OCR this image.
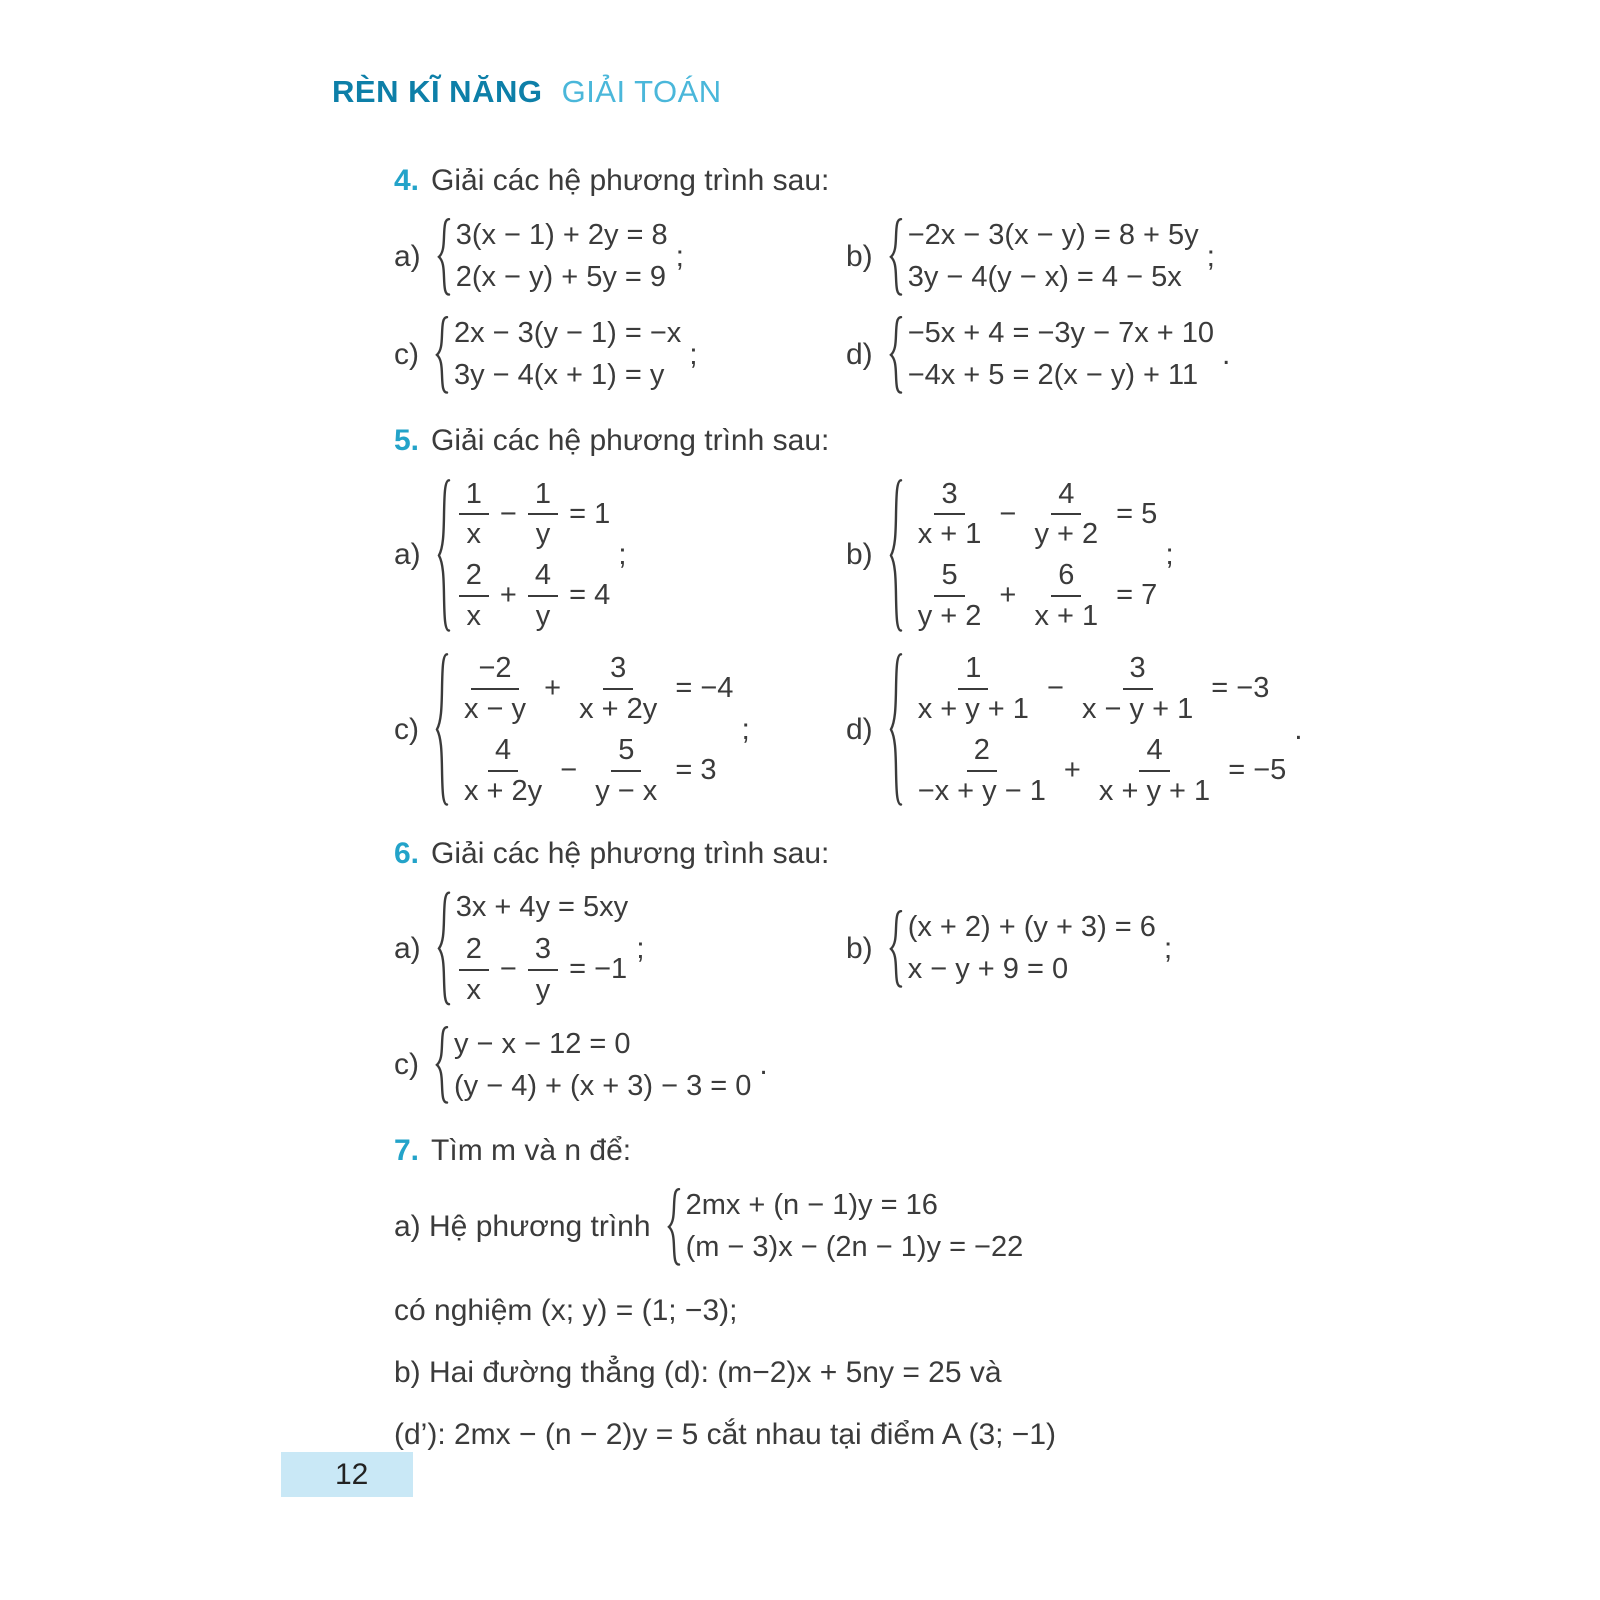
RÈN KĨ NĂNG GIẢI TOÁN
4. Giải các hệ phương trình sau:
a)
3(x − 1) + 2y = 8
2(x − y) + 5y = 9
;	b)
−2x − 3(x − y) = 8 + 5y
3y − 4(y − x) = 4 − 5x
;
c)
2x − 3(y − 1) = −x
3y − 4(x + 1) = y
;	d)
−5x + 4 = −3y − 7x + 10
−4x + 5 = 2(x − y) + 11
.
5. Giải các hệ phương trình sau:
a)
$\frac{1}{x} - \frac{1}{y} = 1$
$\frac{2}{x} + \frac{4}{y} = 4$
;	b)
$\frac{3}{x + 1} - \frac{4}{y + 2} = 5$
$\frac{5}{y + 2} + \frac{6}{x + 1} = 7$
;
c)
$\frac{-2}{x - y} + \frac{3}{x + 2y} = -4$
$\frac{4}{x + 2y} - \frac{5}{y - x} = 3$
;	d)
$\frac{1}{x + y + 1} - \frac{3}{x - y + 1} = -3$
$\frac{2}{-x + y - 1} + \frac{4}{x + y + 1} = -5$
.
6. Giải các hệ phương trình sau:
a)
3x + 4y = 5xy
$\frac{2}{x} - \frac{3}{y} = -1$
;	b)
(x + 2) + (y + 3) = 6
x − y + 9 = 0
;
c)
y − x − 12 = 0
(y − 4) + (x + 3) − 3 = 0
.
7. Tìm m và n để:
a) Hệ phương trình
2mx + (n − 1)y = 16
(m − 3)x − (2n − 1)y = −22

có nghiệm (x; y) = (1; −3);

b) Hai đường thẳng (d): (m−2)x + 5ny = 25 và

(d’): 2mx − (n − 2)y = 5 cắt nhau tại điểm A (3; −1)

12
